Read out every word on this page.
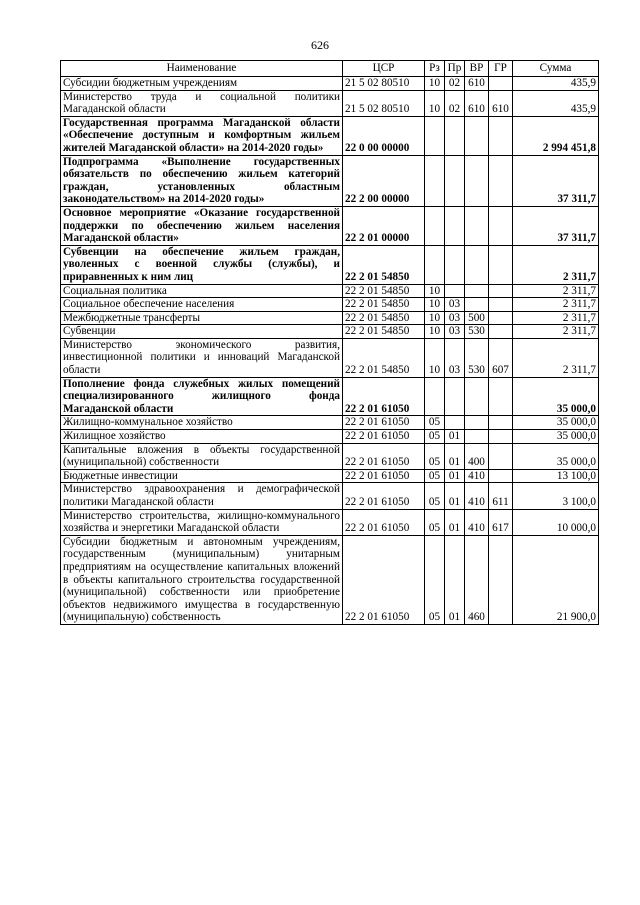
626
Наименование	ЦСР	Рз	Пр	ВР	ГР	Сумма
Субсидии бюджетным учреждениям	21 5 02 80510	10	02	610		435,9
Министерство труда и социальной политики Магаданской области	21 5 02 80510	10	02	610	610	435,9
Государственная программа Магаданской области «Обеспечение доступным и комфортным жильем жителей Магаданской области» на 2014-2020 годы»	22 0 00 00000					2 994 451,8
Подпрограмма «Выполнение государственных обязательств по обеспечению жильем категорий граждан, установленных областным законодательством» на 2014-2020 годы»	22 2 00 00000					37 311,7
Основное мероприятие «Оказание государственной поддержки по обеспечению жильем населения Магаданской области»	22 2 01 00000					37 311,7
Субвенции на обеспечение жильем граждан, уволенных с военной службы (службы), и приравненных к ним лиц	22 2 01 54850					2 311,7
Социальная политика	22 2 01 54850	10				2 311,7
Социальное обеспечение населения	22 2 01 54850	10	03			2 311,7
Межбюджетные трансферты	22 2 01 54850	10	03	500		2 311,7
Субвенции	22 2 01 54850	10	03	530		2 311,7
Министерство экономического развития, инвестиционной политики и инноваций Магаданской области	22 2 01 54850	10	03	530	607	2 311,7
Пополнение фонда служебных жилых помещений специализированного жилищного фонда Магаданской области	22 2 01 61050					35 000,0
Жилищно-коммунальное хозяйство	22 2 01 61050	05				35 000,0
Жилищное хозяйство	22 2 01 61050	05	01			35 000,0
Капитальные вложения в объекты государственной (муниципальной) собственности	22 2 01 61050	05	01	400		35 000,0
Бюджетные инвестиции	22 2 01 61050	05	01	410		13 100,0
Министерство здравоохранения и демографической политики Магаданской области	22 2 01 61050	05	01	410	611	3 100,0
Министерство строительства, жилищно-коммунального хозяйства и энергетики Магаданской области	22 2 01 61050	05	01	410	617	10 000,0
Субсидии бюджетным и автономным учреждениям, государственным (муниципальным) унитарным предприятиям на осуществление капитальных вложений в объекты капитального строительства государственной (муниципальной) собственности или приобретение объектов недвижимого имущества в государственную (муниципальную) собственность	22 2 01 61050	05	01	460		21 900,0
